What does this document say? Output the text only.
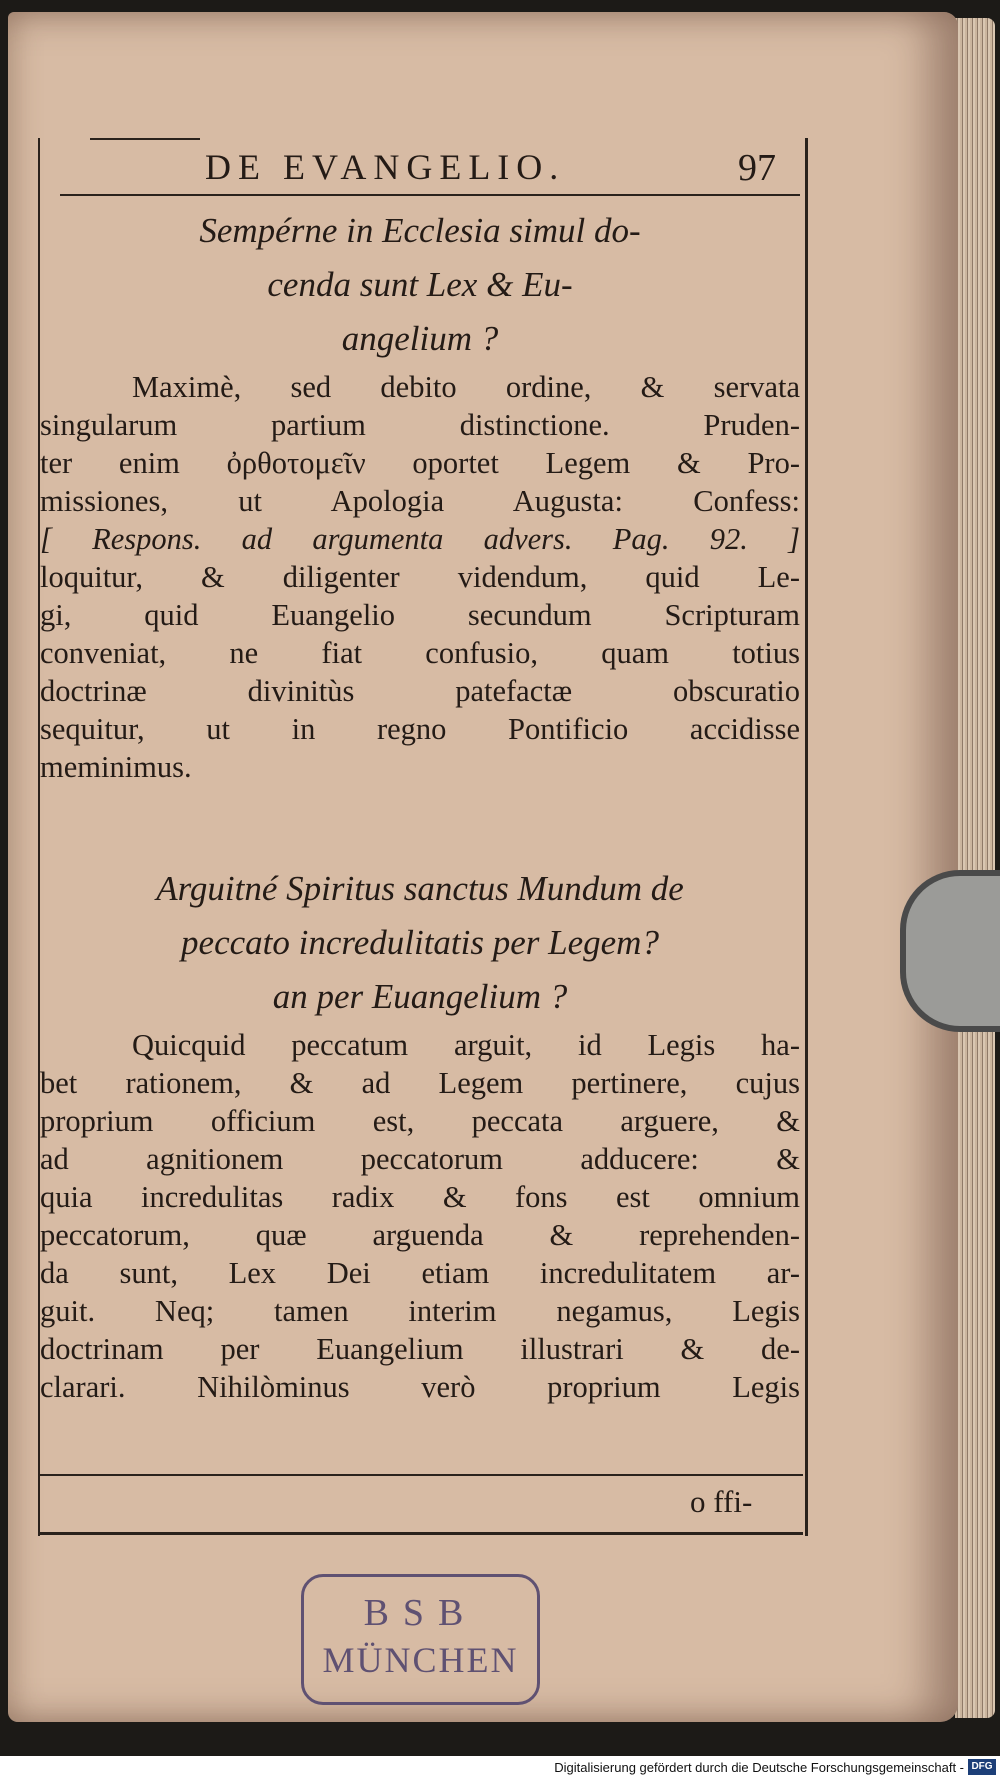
DE EVANGELIO.	97
Sempérne in Ecclesia simul do-
cenda sunt Lex & Eu-
angelium ?
Maximè, sed debito ordine, & servata
singularum partium distinctione. Pruden-
ter enim ὀρθοτομεῖν oportet Legem & Pro-
missiones, ut Apologia Augusta: Confess:
[ Respons. ad argumenta advers. Pag. 92. ]
loquitur, & diligenter videndum, quid Le-
gi, quid Euangelio secundum Scripturam
conveniat, ne fiat confusio, quam totius
doctrinæ divinitùs patefactæ obscuratio
sequitur, ut in regno Pontificio accidisse
meminimus.
Arguitné Spiritus sanctus Mundum de
peccato incredulitatis per Legem?
an per Euangelium ?
Quicquid peccatum arguit, id Legis ha-
bet rationem, & ad Legem pertinere, cujus
proprium officium est, peccata arguere, &
ad agnitionem peccatorum adducere: &
quia incredulitas radix & fons est omnium
peccatorum, quæ arguenda & reprehenden-
da sunt, Lex Dei etiam incredulitatem ar-
guit. Neq; tamen interim negamus, Legis
doctrinam per Euangelium illustrari & de-
clarari. Nihilòminus verò proprium Legis
o ffi-
BSB
MÜNCHEN
Digitalisierung gefördert durch die Deutsche Forschungsgemeinschaft - DFG
